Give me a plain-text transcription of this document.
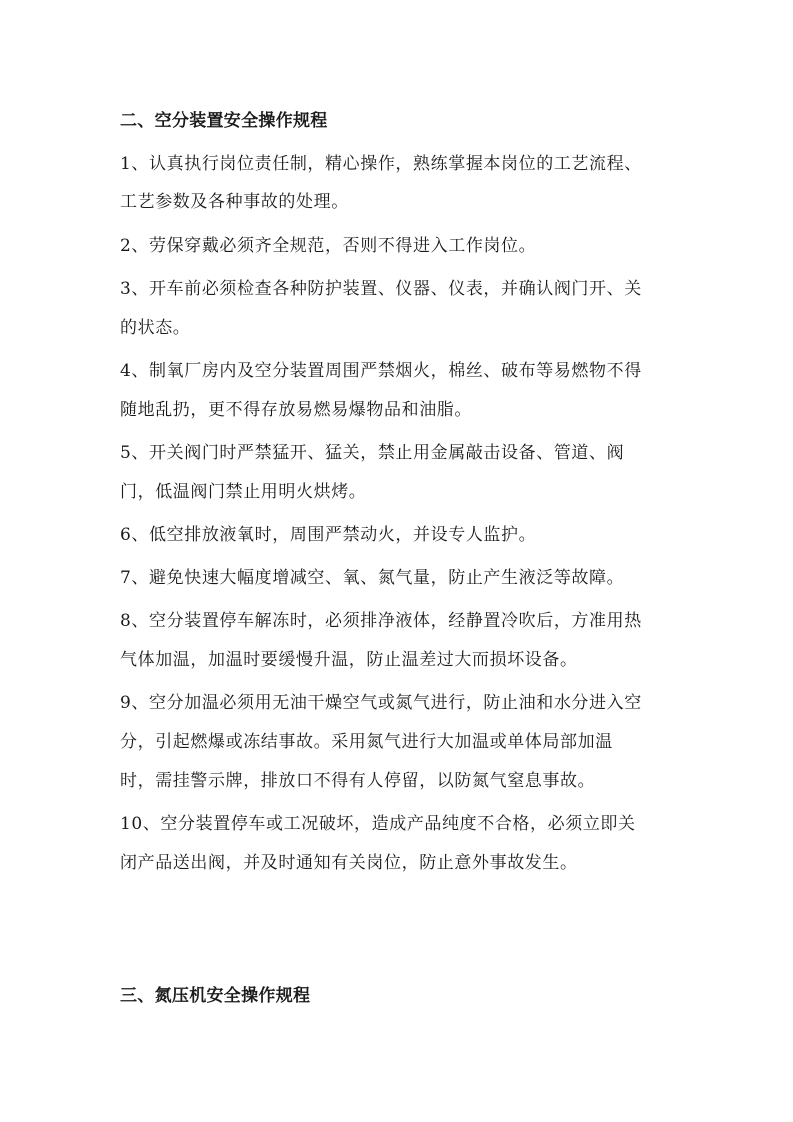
二、空分装置安全操作规程
1、认真执行岗位责任制，精心操作，熟练掌握本岗位的工艺流程、
工艺参数及各种事故的处理。
2、劳保穿戴必须齐全规范，否则不得进入工作岗位。
3、开车前必须检查各种防护装置、仪器、仪表，并确认阀门开、关
的状态。
4、制氧厂房内及空分装置周围严禁烟火，棉丝、破布等易燃物不得
随地乱扔，更不得存放易燃易爆物品和油脂。
5、开关阀门时严禁猛开、猛关，禁止用金属敲击设备、管道、阀
门，低温阀门禁止用明火烘烤。
6、低空排放液氧时，周围严禁动火，并设专人监护。
7、避免快速大幅度增减空、氧、氮气量，防止产生液泛等故障。
8、空分装置停车解冻时，必须排净液体，经静置冷吹后，方准用热
气体加温，加温时要缓慢升温，防止温差过大而损坏设备。
9、空分加温必须用无油干燥空气或氮气进行，防止油和水分进入空
分，引起燃爆或冻结事故。采用氮气进行大加温或单体局部加温
时，需挂警示牌，排放口不得有人停留，以防氮气窒息事故。
10、空分装置停车或工况破坏，造成产品纯度不合格，必须立即关
闭产品送出阀，并及时通知有关岗位，防止意外事故发生。
三、氮压机安全操作规程
